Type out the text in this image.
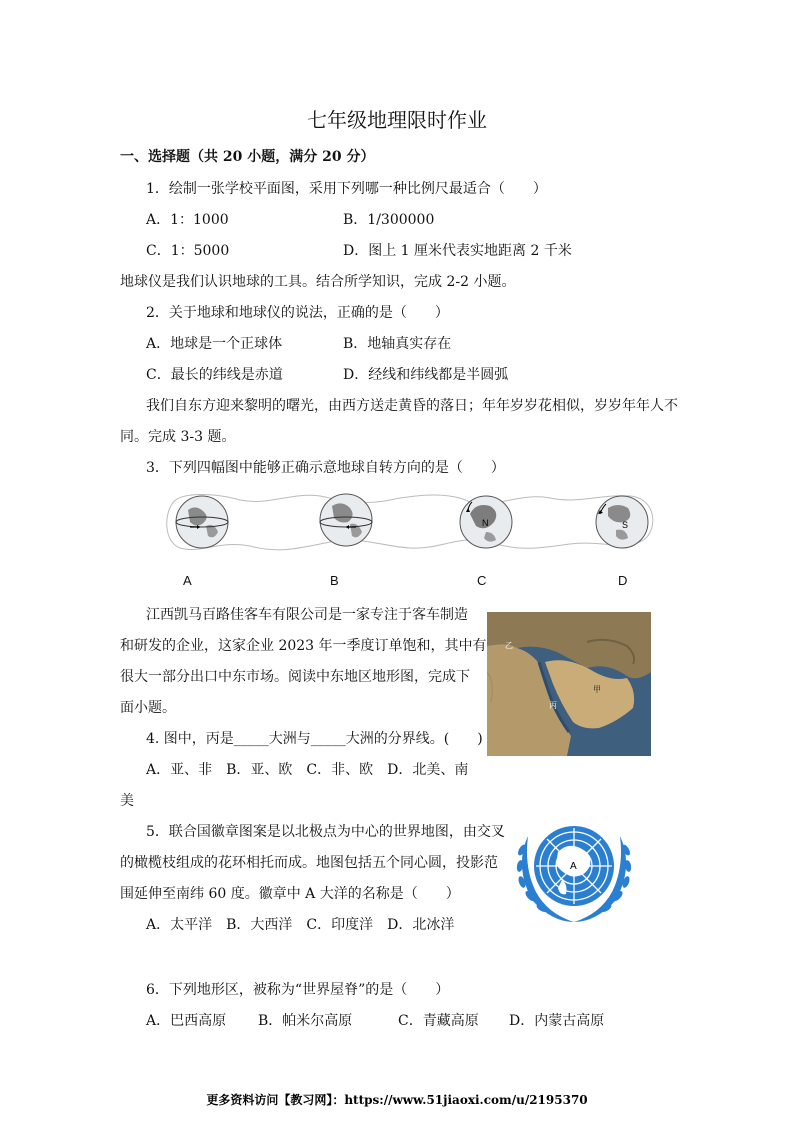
七年级地理限时作业
一、选择题（共 20 小题，满分 20 分）
1．绘制一张学校平面图，采用下列哪一种比例尺最适合（　　）
A．1：1000	B．1/300000
C．1：5000	D．图上 1 厘米代表实地距离 2 千米
地球仪是我们认识地球的工具。结合所学知识，完成 2-2 小题。
2．关于地球和地球仪的说法，正确的是（　　）
A．地球是一个正球体	B．地轴真实存在
C．最长的纬线是赤道	D．经线和纬线都是半圆弧
我们自东方迎来黎明的曙光，由西方送走黄昏的落日；年年岁岁花相似，岁岁年年人不
同。完成 3-3 题。
3．下列四幅图中能够正确示意地球自转方向的是（　　）
N	S
A	B	C	D
江西凯马百路佳客车有限公司是一家专注于客车制造
和研发的企业，这家企业 2023 年一季度订单饱和，其中有
很大一部分出口中东市场。阅读中东地区地形图，完成下
面小题。
乙
丙
甲
4. 图中，丙是_____大洲与_____大洲的分界线。(　　)
A．亚、非　B．亚、欧　C．非、欧　D．北美、南
美
5．联合国徽章图案是以北极点为中心的世界地图，由交叉
的橄榄枝组成的花环相托而成。地图包括五个同心圆，投影范
围延伸至南纬 60 度。徽章中 A 大洋的名称是（　　）
A．太平洋　B．大西洋　C．印度洋　D．北冰洋
A
6．下列地形区，被称为“世界屋脊”的是（　　）
A．巴西高原 B．帕米尔高原	C．青藏高原 D．内蒙古高原
更多资料访问【教习网】：https://www.51jiaoxi.com/u/2195370
